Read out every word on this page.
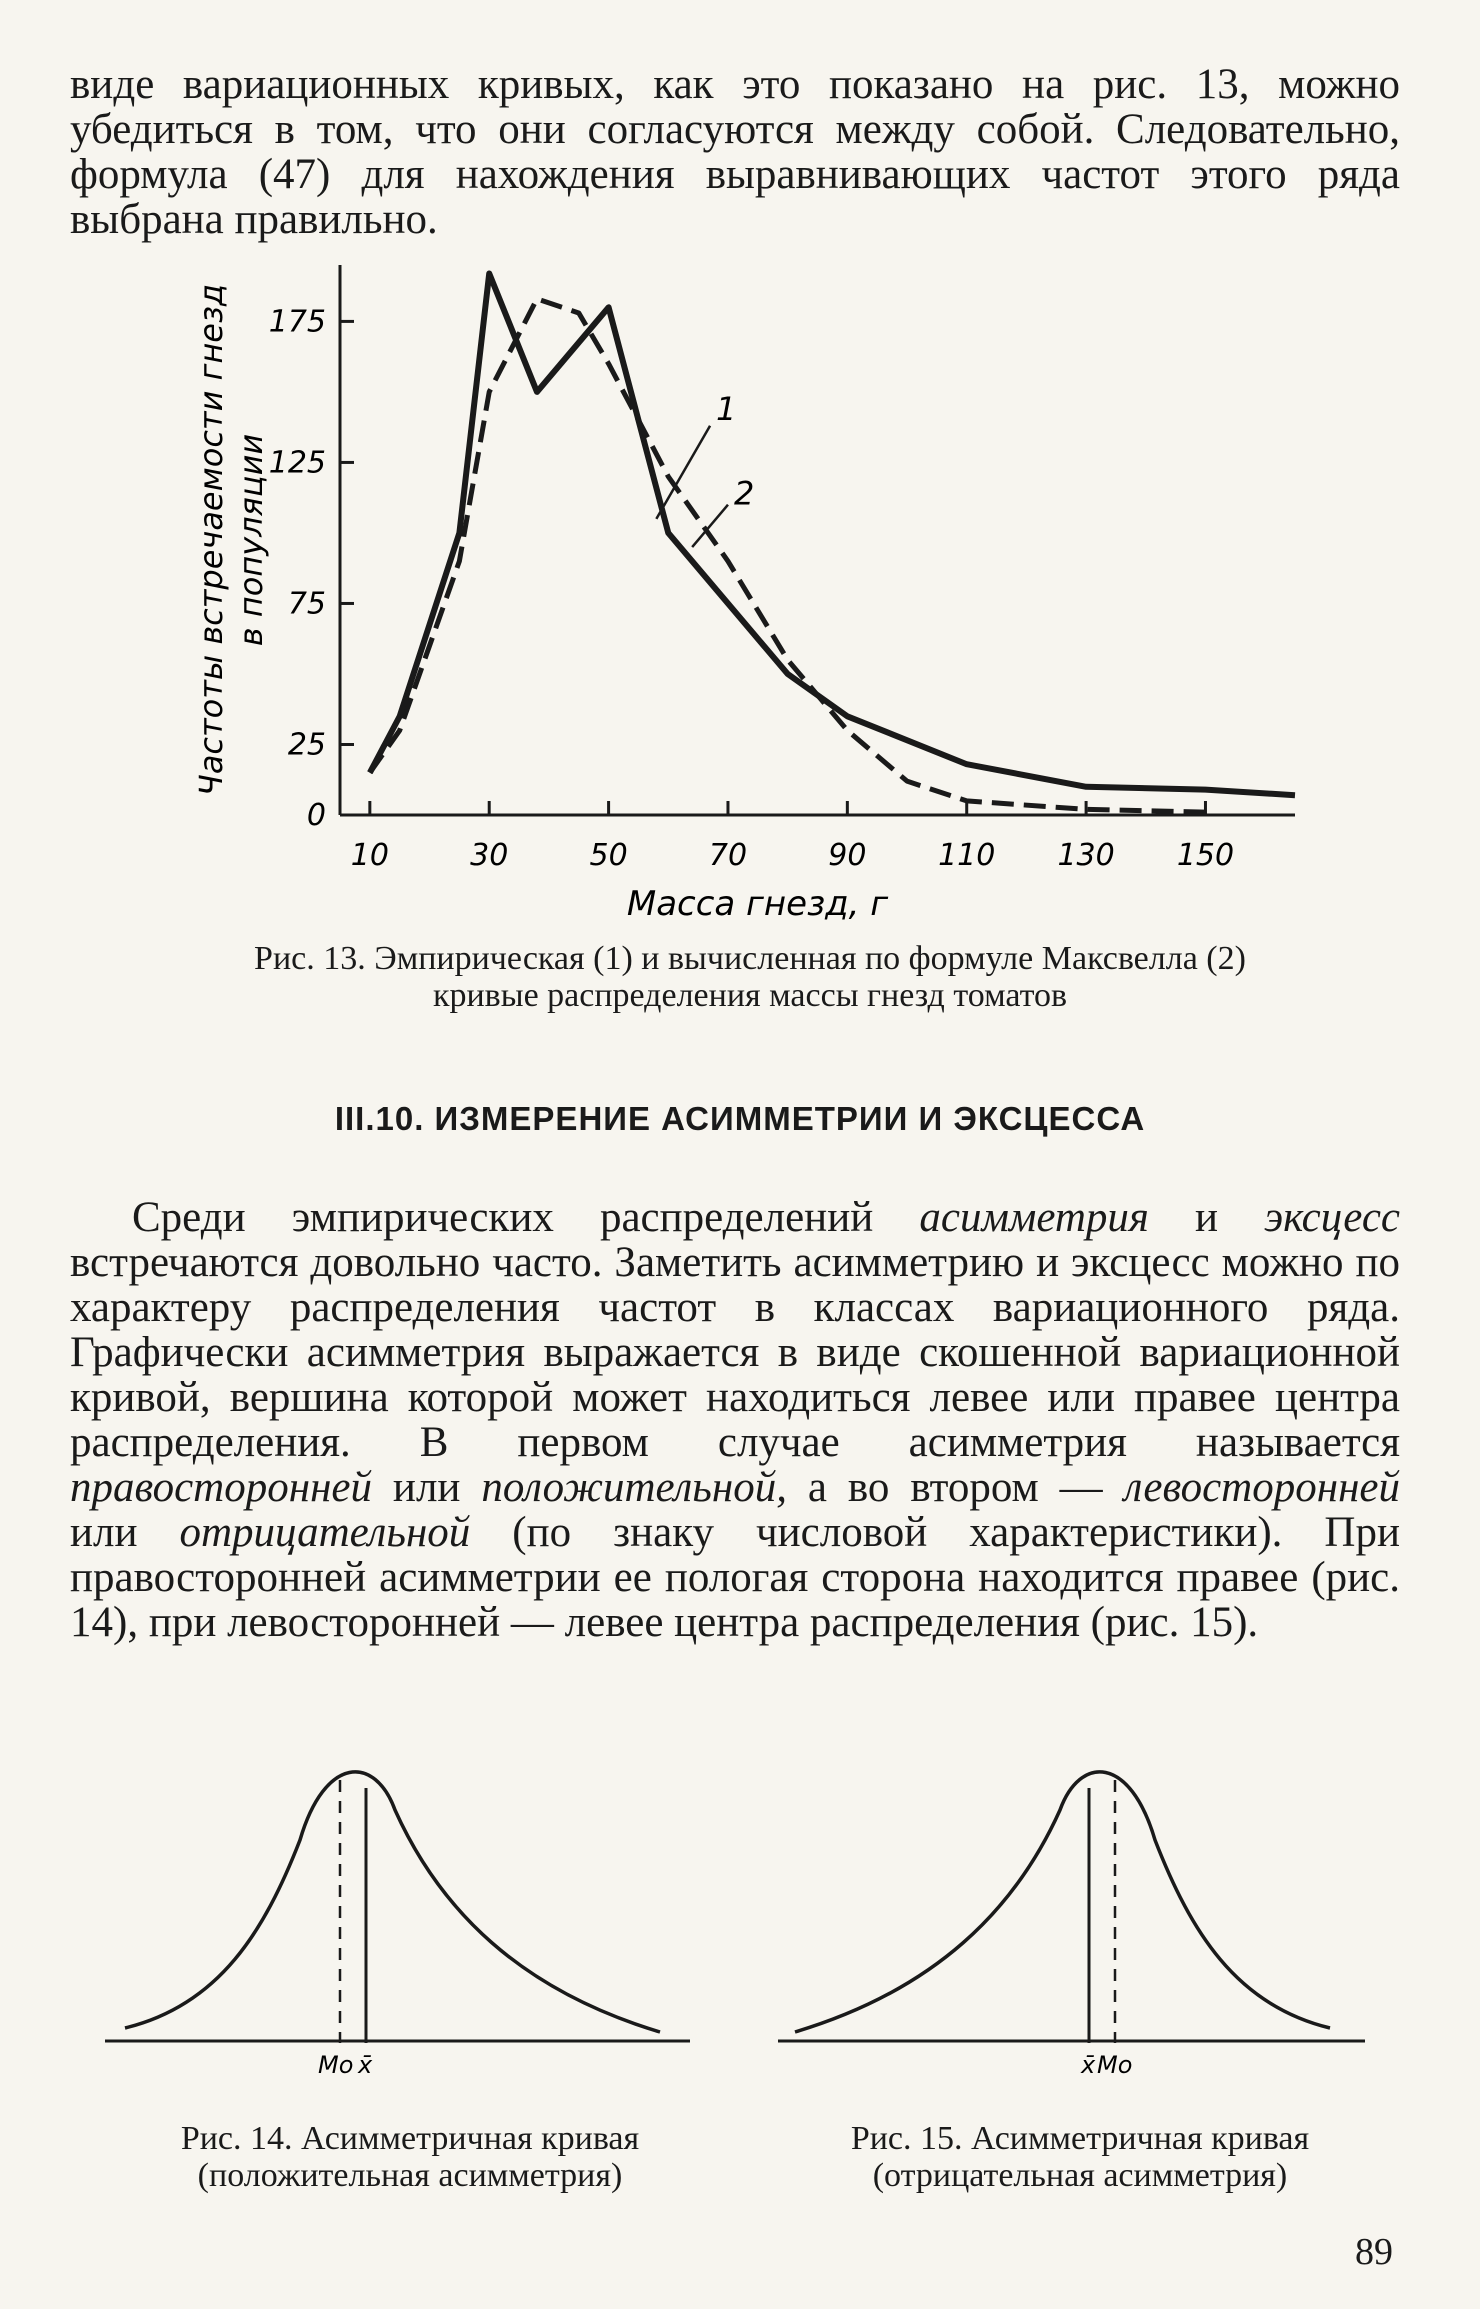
виде вариационных кривых, как это показано на рис. 13, можно убедиться в том, что они согласуются между собой. Следовательно, формула (47) для нахождения выравнивающих частот этого ряда выбрана правильно.

10	30	50	70	90 110 130 150
0
25
75
125
175
1
2
Масса гнезд, г
Частоты встречаемости гнезд в популяции

Рис. 13. Эмпирическая (1) и вычисленная по формуле Максвелла (2) кривые распределения массы гнезд томатов

III.10. ИЗМЕРЕНИЕ АСИММЕТРИИ И ЭКСЦЕССА

Среди эмпирических распределений асимметрия и эксцесс встречаются довольно часто. Заметить асимметрию и эксцесс можно по характеру распределения частот в классах вариационного ряда. Графически асимметрия выражается в виде скошенной вариационной кривой, вершина которой может находиться левее или правее центра распределения. В первом случае асимметрия называется правосторонней или положительной, а во втором — левосторонней или отрицательной (по знаку числовой характеристики). При правосторонней асимметрии ее пологая сторона находится правее (рис. 14), при левосторонней — левее центра распределения (рис. 15).

Mo x̄

Рис. 14. Асимметричная кривая (положительная асимметрия)

x̄ Mo

Рис. 15. Асимметричная кривая (отрицательная асимметрия)

89
